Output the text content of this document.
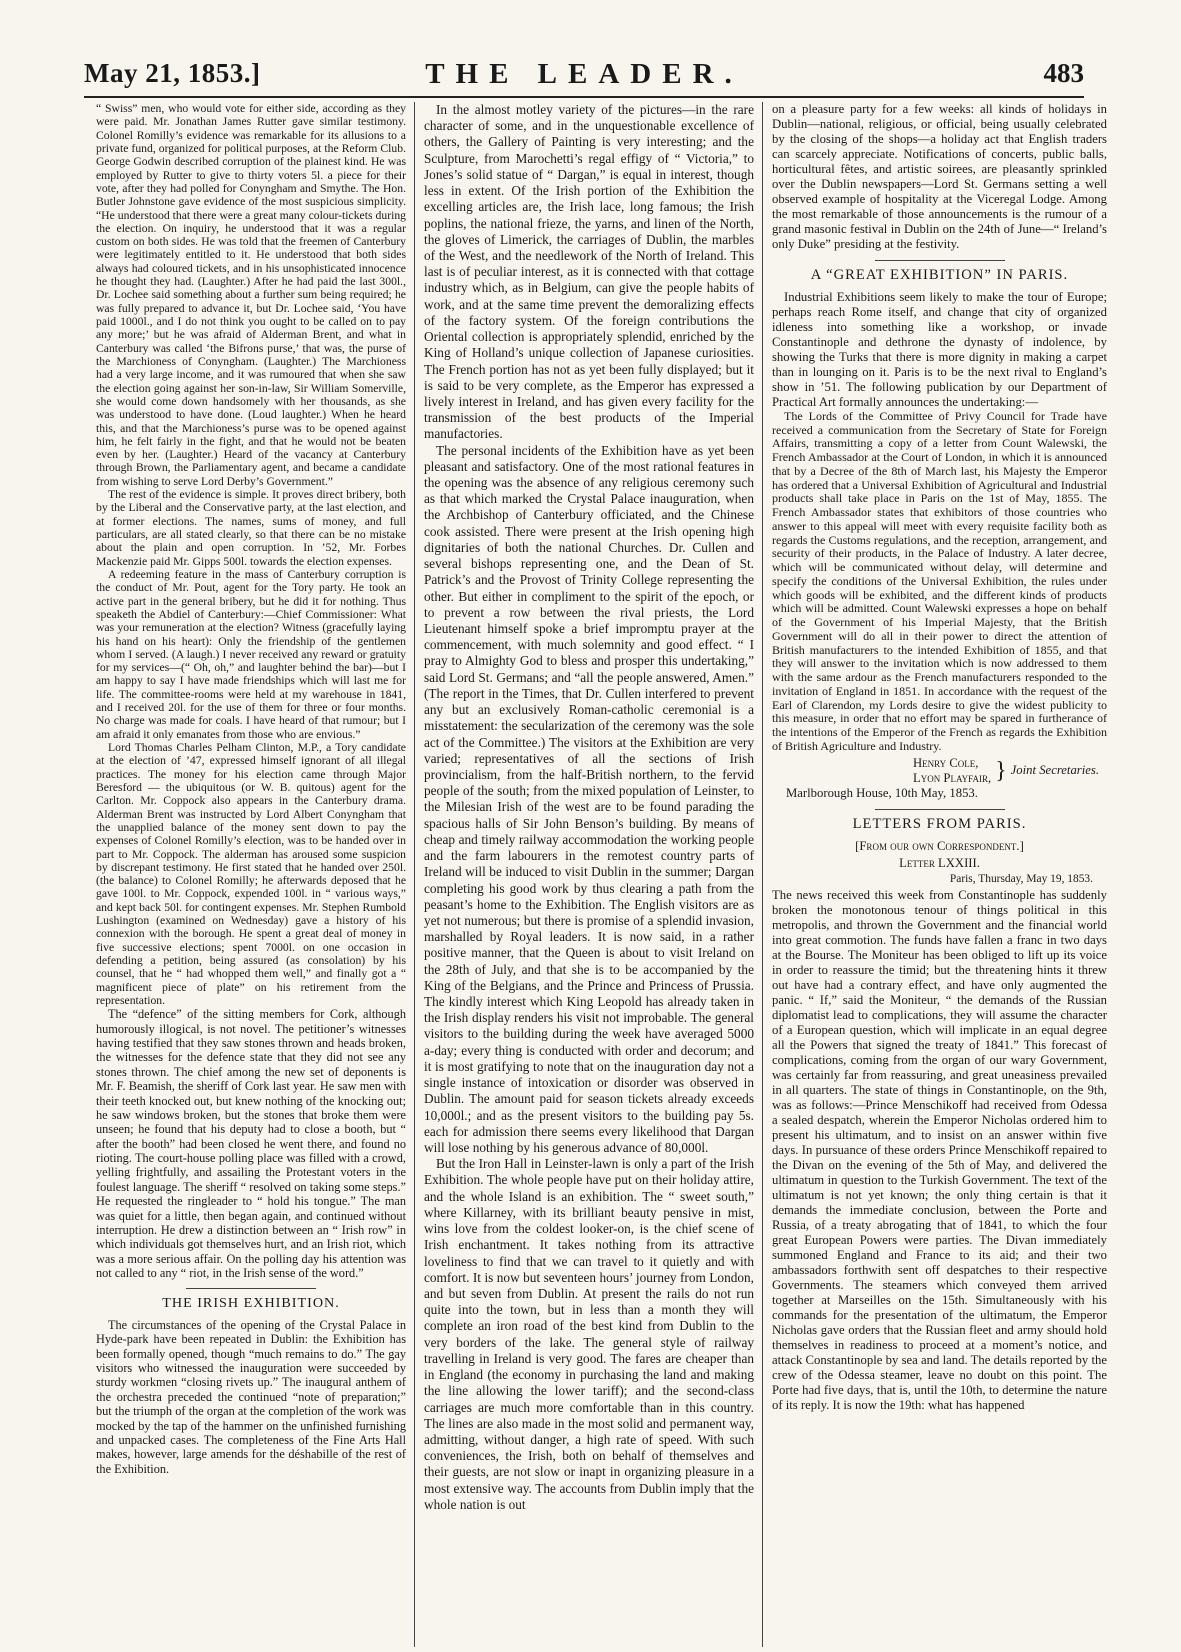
May 21, 1853.]	THE LEADER.	483

“ Swiss” men, who would vote for either side, according as they were paid. Mr. Jonathan James Rutter gave similar testimony. Colonel Romilly’s evidence was remarkable for its allusions to a private fund, organized for political purposes, at the Reform Club. George Godwin described corruption of the plainest kind. He was employed by Rutter to give to thirty voters 5l. a piece for their vote, after they had polled for Conyngham and Smythe. The Hon. Butler Johnstone gave evidence of the most suspicious simplicity. “He understood that there were a great many colour-tickets during the election. On inquiry, he understood that it was a regular custom on both sides. He was told that the freemen of Canterbury were legitimately entitled to it. He understood that both sides always had coloured tickets, and in his unsophisticated innocence he thought they had. (Laughter.) After he had paid the last 300l., Dr. Lochee said something about a further sum being required; he was fully prepared to advance it, but Dr. Lochee said, ‘You have paid 1000l., and I do not think you ought to be called on to pay any more;’ but he was afraid of Alderman Brent, and what in Canterbury was called ‘the Bifrons purse,’ that was, the purse of the Marchioness of Conyngham. (Laughter.) The Marchioness had a very large income, and it was rumoured that when she saw the election going against her son-in-law, Sir William Somerville, she would come down handsomely with her thousands, as she was understood to have done. (Loud laughter.) When he heard this, and that the Marchioness’s purse was to be opened against him, he felt fairly in the fight, and that he would not be beaten even by her. (Laughter.) Heard of the vacancy at Canterbury through Brown, the Parliamentary agent, and became a candidate from wishing to serve Lord Derby’s Government.”

The rest of the evidence is simple. It proves direct bribery, both by the Liberal and the Conservative party, at the last election, and at former elections. The names, sums of money, and full particulars, are all stated clearly, so that there can be no mistake about the plain and open corruption. In ’52, Mr. Forbes Mackenzie paid Mr. Gipps 500l. towards the election expenses.

A redeeming feature in the mass of Canterbury corruption is the conduct of Mr. Pout, agent for the Tory party. He took an active part in the general bribery, but he did it for nothing. Thus speaketh the Abdiel of Canterbury:—Chief Commissioner: What was your remuneration at the election? Witness (gracefully laying his hand on his heart): Only the friendship of the gentlemen whom I served. (A laugh.) I never received any reward or gratuity for my services—(“ Oh, oh,” and laughter behind the bar)—but I am happy to say I have made friendships which will last me for life. The committee-rooms were held at my warehouse in 1841, and I received 20l. for the use of them for three or four months. No charge was made for coals. I have heard of that rumour; but I am afraid it only emanates from those who are envious.”

Lord Thomas Charles Pelham Clinton, M.P., a Tory candidate at the election of ’47, expressed himself ignorant of all illegal practices. The money for his election came through Major Beresford — the ubiquitous (or W. B. quitous) agent for the Carlton. Mr. Coppock also appears in the Canterbury drama. Alderman Brent was instructed by Lord Albert Conyngham that the unapplied balance of the money sent down to pay the expenses of Colonel Romilly’s election, was to be handed over in part to Mr. Coppock. The alderman has aroused some suspicion by discrepant testimony. He first stated that he handed over 250l. (the balance) to Colonel Romilly; he afterwards deposed that he gave 100l. to Mr. Coppock, expended 100l. in “ various ways,” and kept back 50l. for contingent expenses. Mr. Stephen Rumbold Lushington (examined on Wednesday) gave a history of his connexion with the borough. He spent a great deal of money in five successive elections; spent 7000l. on one occasion in defending a petition, being assured (as consolation) by his counsel, that he “ had whopped them well,” and finally got a “ magnificent piece of plate” on his retirement from the representation.

The “defence” of the sitting members for Cork, although humorously illogical, is not novel. The petitioner’s witnesses having testified that they saw stones thrown and heads broken, the witnesses for the defence state that they did not see any stones thrown. The chief among the new set of deponents is Mr. F. Beamish, the sheriff of Cork last year. He saw men with their teeth knocked out, but knew nothing of the knocking out; he saw windows broken, but the stones that broke them were unseen; he found that his deputy had to close a booth, but “ after the booth” had been closed he went there, and found no rioting. The court-house polling place was filled with a crowd, yelling frightfully, and assailing the Protestant voters in the foulest language. The sheriff “ resolved on taking some steps.” He requested the ringleader to “ hold his tongue.” The man was quiet for a little, then began again, and continued without interruption. He drew a distinction between an “ Irish row” in which individuals got themselves hurt, and an Irish riot, which was a more serious affair. On the polling day his attention was not called to any “ riot, in the Irish sense of the word.”

THE IRISH EXHIBITION.

The circumstances of the opening of the Crystal Palace in Hyde-park have been repeated in Dublin: the Exhibition has been formally opened, though “much remains to do.” The gay visitors who witnessed the inauguration were succeeded by sturdy workmen “closing rivets up.” The inaugural anthem of the orchestra preceded the continued “note of preparation;” but the triumph of the organ at the completion of the work was mocked by the tap of the hammer on the unfinished furnishing and unpacked cases. The completeness of the Fine Arts Hall makes, however, large amends for the déshabille of the rest of the Exhibition.

In the almost motley variety of the pictures—in the rare character of some, and in the unquestionable excellence of others, the Gallery of Painting is very interesting; and the Sculpture, from Marochetti’s regal effigy of “ Victoria,” to Jones’s solid statue of “ Dargan,” is equal in interest, though less in extent. Of the Irish portion of the Exhibition the excelling articles are, the Irish lace, long famous; the Irish poplins, the national frieze, the yarns, and linen of the North, the gloves of Limerick, the carriages of Dublin, the marbles of the West, and the needlework of the North of Ireland. This last is of peculiar interest, as it is connected with that cottage industry which, as in Belgium, can give the people habits of work, and at the same time prevent the demoralizing effects of the factory system. Of the foreign contributions the Oriental collection is appropriately splendid, enriched by the King of Holland’s unique collection of Japanese curiosities. The French portion has not as yet been fully displayed; but it is said to be very complete, as the Emperor has expressed a lively interest in Ireland, and has given every facility for the transmission of the best products of the Imperial manufactories.

The personal incidents of the Exhibition have as yet been pleasant and satisfactory. One of the most rational features in the opening was the absence of any religious ceremony such as that which marked the Crystal Palace inauguration, when the Archbishop of Canterbury officiated, and the Chinese cook assisted. There were present at the Irish opening high dignitaries of both the national Churches. Dr. Cullen and several bishops representing one, and the Dean of St. Patrick’s and the Provost of Trinity College representing the other. But either in compliment to the spirit of the epoch, or to prevent a row between the rival priests, the Lord Lieutenant himself spoke a brief impromptu prayer at the commencement, with much solemnity and good effect. “ I pray to Almighty God to bless and prosper this undertaking,” said Lord St. Germans; and “all the people answered, Amen.” (The report in the Times, that Dr. Cullen interfered to prevent any but an exclusively Roman-catholic ceremonial is a misstatement: the secularization of the ceremony was the sole act of the Committee.) The visitors at the Exhibition are very varied; representatives of all the sections of Irish provincialism, from the half-British northern, to the fervid people of the south; from the mixed population of Leinster, to the Milesian Irish of the west are to be found parading the spacious halls of Sir John Benson’s building. By means of cheap and timely railway accommodation the working people and the farm labourers in the remotest country parts of Ireland will be induced to visit Dublin in the summer; Dargan completing his good work by thus clearing a path from the peasant’s home to the Exhibition. The English visitors are as yet not numerous; but there is promise of a splendid invasion, marshalled by Royal leaders. It is now said, in a rather positive manner, that the Queen is about to visit Ireland on the 28th of July, and that she is to be accompanied by the King of the Belgians, and the Prince and Princess of Prussia. The kindly interest which King Leopold has already taken in the Irish display renders his visit not improbable. The general visitors to the building during the week have averaged 5000 a-day; every thing is conducted with order and decorum; and it is most gratifying to note that on the inauguration day not a single instance of intoxication or disorder was observed in Dublin. The amount paid for season tickets already exceeds 10,000l.; and as the present visitors to the building pay 5s. each for admission there seems every likelihood that Dargan will lose nothing by his generous advance of 80,000l.

But the Iron Hall in Leinster-lawn is only a part of the Irish Exhibition. The whole people have put on their holiday attire, and the whole Island is an exhibition. The “ sweet south,” where Killarney, with its brilliant beauty pensive in mist, wins love from the coldest looker-on, is the chief scene of Irish enchantment. It takes nothing from its attractive loveliness to find that we can travel to it quietly and with comfort. It is now but seventeen hours’ journey from London, and but seven from Dublin. At present the rails do not run quite into the town, but in less than a month they will complete an iron road of the best kind from Dublin to the very borders of the lake. The general style of railway travelling in Ireland is very good. The fares are cheaper than in England (the economy in purchasing the land and making the line allowing the lower tariff); and the second-class carriages are much more comfortable than in this country. The lines are also made in the most solid and permanent way, admitting, without danger, a high rate of speed. With such conveniences, the Irish, both on behalf of themselves and their guests, are not slow or inapt in organizing pleasure in a most extensive way. The accounts from Dublin imply that the whole nation is out

on a pleasure party for a few weeks: all kinds of holidays in Dublin—national, religious, or official, being usually celebrated by the closing of the shops—a holiday act that English traders can scarcely appreciate. Notifications of concerts, public balls, horticultural fêtes, and artistic soirees, are pleasantly sprinkled over the Dublin newspapers—Lord St. Germans setting a well observed example of hospitality at the Viceregal Lodge. Among the most remarkable of those announcements is the rumour of a grand masonic festival in Dublin on the 24th of June—“ Ireland’s only Duke” presiding at the festivity.

A “GREAT EXHIBITION” IN PARIS.

Industrial Exhibitions seem likely to make the tour of Europe; perhaps reach Rome itself, and change that city of organized idleness into something like a workshop, or invade Constantinople and dethrone the dynasty of indolence, by showing the Turks that there is more dignity in making a carpet than in lounging on it. Paris is to be the next rival to England’s show in ’51. The following publication by our Department of Practical Art formally announces the undertaking:—

The Lords of the Committee of Privy Council for Trade have received a communication from the Secretary of State for Foreign Affairs, transmitting a copy of a letter from Count Walewski, the French Ambassador at the Court of London, in which it is announced that by a Decree of the 8th of March last, his Majesty the Emperor has ordered that a Universal Exhibition of Agricultural and Industrial products shall take place in Paris on the 1st of May, 1855. The French Ambassador states that exhibitors of those countries who answer to this appeal will meet with every requisite facility both as regards the Customs regulations, and the reception, arrangement, and security of their products, in the Palace of Industry. A later decree, which will be communicated without delay, will determine and specify the conditions of the Universal Exhibition, the rules under which goods will be exhibited, and the different kinds of products which will be admitted. Count Walewski expresses a hope on behalf of the Government of his Imperial Majesty, that the British Government will do all in their power to direct the attention of British manufacturers to the intended Exhibition of 1855, and that they will answer to the invitation which is now addressed to them with the same ardour as the French manufacturers responded to the invitation of England in 1851. In accordance with the request of the Earl of Clarendon, my Lords desire to give the widest publicity to this measure, in order that no effort may be spared in furtherance of the intentions of the Emperor of the French as regards the Exhibition of British Agriculture and Industry.

Henry Cole,
Lyon Playfair, } Joint Secretaries.
Marlborough House, 10th May, 1853.
LETTERS FROM PARIS.
[From our own Correspondent.]
Letter LXXIII.
Paris, Thursday, May 19, 1853.

The news received this week from Constantinople has suddenly broken the monotonous tenour of things political in this metropolis, and thrown the Government and the financial world into great commotion. The funds have fallen a franc in two days at the Bourse. The Moniteur has been obliged to lift up its voice in order to reassure the timid; but the threatening hints it threw out have had a contrary effect, and have only augmented the panic. “ If,” said the Moniteur, “ the demands of the Russian diplomatist lead to complications, they will assume the character of a European question, which will implicate in an equal degree all the Powers that signed the treaty of 1841.” This forecast of complications, coming from the organ of our wary Government, was certainly far from reassuring, and great uneasiness prevailed in all quarters. The state of things in Constantinople, on the 9th, was as follows:—Prince Menschikoff had received from Odessa a sealed despatch, wherein the Emperor Nicholas ordered him to present his ultimatum, and to insist on an answer within five days. In pursuance of these orders Prince Menschikoff repaired to the Divan on the evening of the 5th of May, and delivered the ultimatum in question to the Turkish Government. The text of the ultimatum is not yet known; the only thing certain is that it demands the immediate conclusion, between the Porte and Russia, of a treaty abrogating that of 1841, to which the four great European Powers were parties. The Divan immediately summoned England and France to its aid; and their two ambassadors forthwith sent off despatches to their respective Governments. The steamers which conveyed them arrived together at Marseilles on the 15th. Simultaneously with his commands for the presentation of the ultimatum, the Emperor Nicholas gave orders that the Russian fleet and army should hold themselves in readiness to proceed at a moment’s notice, and attack Constantinople by sea and land. The details reported by the crew of the Odessa steamer, leave no doubt on this point. The Porte had five days, that is, until the 10th, to determine the nature of its reply. It is now the 19th: what has happened
